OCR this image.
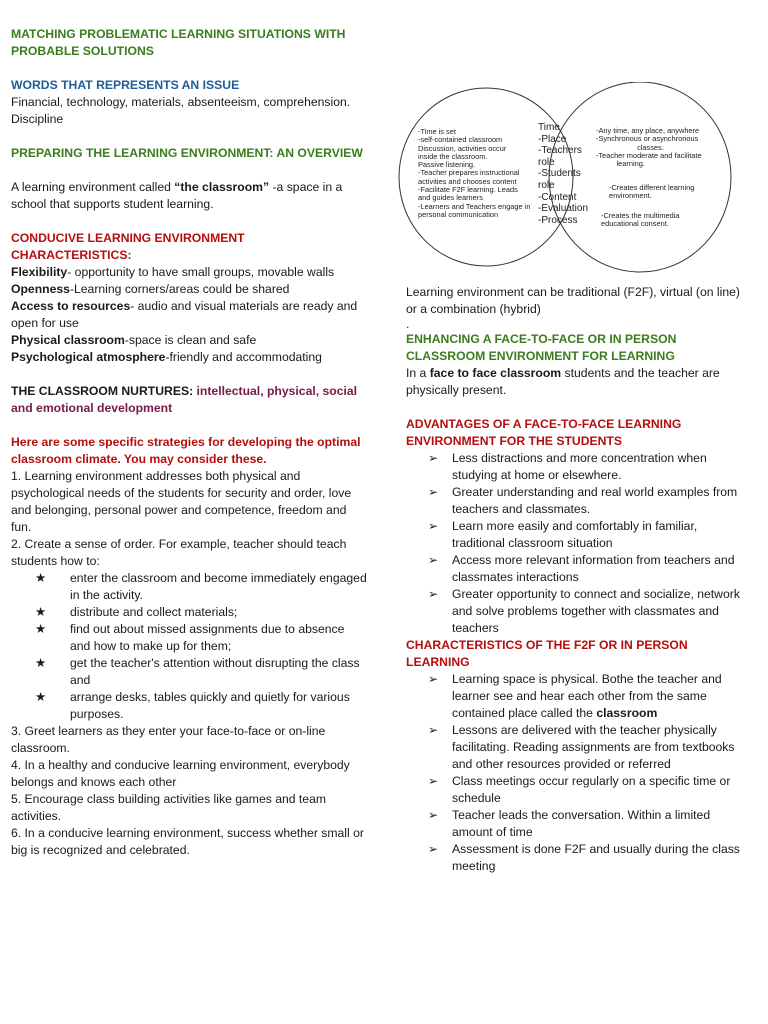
MATCHING PROBLEMATIC LEARNING SITUATIONS WITH PROBABLE SOLUTIONS

WORDS THAT REPRESENTS AN ISSUE

Financial, technology, materials, absenteeism, comprehension. Discipline

PREPARING THE LEARNING ENVIRONMENT: AN OVERVIEW

A learning environment called “the classroom” -a space in a school that supports student learning.

CONDUCIVE LEARNING ENVIRONMENT CHARACTERISTICS:

Flexibility- opportunity to have small groups, movable walls

Openness-Learning corners/areas could be shared

Access to resources- audio and visual materials are ready and open for use

Physical classroom-space is clean and safe

Psychological atmosphere-friendly and accommodating

THE CLASSROOM NURTURES: intellectual, physical, social and emotional development

Here are some specific strategies for developing the optimal classroom climate. You may consider these.

1. Learning environment addresses both physical and psychological needs of the students for security and order, love and belonging, personal power and competence, freedom and fun.

2. Create a sense of order. For example, teacher should teach students how to:

★ enter the classroom and become immediately engaged in the activity.
★ distribute and collect materials;
★ find out about missed assignments due to absence and how to make up for them;
★ get the teacher's attention without disrupting the class and
★ arrange desks, tables quickly and quietly for various purposes.

3. Greet learners as they enter your face-to-face or on-line classroom.

4. In a healthy and conducive learning environment, everybody belongs and knows each other

5. Encourage class building activities like games and team activities.

6. In a conducive learning environment, success whether small or big is recognized and celebrated.

-Time is set
-self-contained classroom
Discussion, activities occur
inside the classroom.
Passive listening.
-Teacher prepares instructional
activities and chooses content
-Facilitate F2F learning. Leads
and guides learners
-Learners and Teachers engage in
personal communication
Time
-Place
-Teachers
role
-Students
role
-Content
-Evaluation
-Process
-Any time, any place, anywhere
-Synchronous or asynchronous
classes.
-Teacher moderate and facilitate
learning.
-Creates different learning
environment.
-Creates the multimedia
educational consent.

Learning environment can be traditional (F2F), virtual (on line) or a combination (hybrid)

.

ENHANCING A FACE-TO-FACE OR IN PERSON CLASSROOM ENVIRONMENT FOR LEARNING

In a face to face classroom students and the teacher are physically present.

ADVANTAGES OF A FACE-TO-FACE LEARNING ENVIRONMENT FOR THE STUDENTS

➢ Less distractions and more concentration when studying at home or elsewhere.
➢ Greater understanding and real world examples from teachers and classmates.
➢ Learn more easily and comfortably in familiar, traditional classroom situation
➢ Access more relevant information from teachers and classmates interactions
➢ Greater opportunity to connect and socialize, network and solve problems together with classmates and teachers

CHARACTERISTICS OF THE F2F OR IN PERSON LEARNING

➢ Learning space is physical. Bothe the teacher and learner see and hear each other from the same contained place called the classroom
➢ Lessons are delivered with the teacher physically facilitating. Reading assignments are from textbooks and other resources provided or referred
➢ Class meetings occur regularly on a specific time or schedule
➢ Teacher leads the conversation. Within a limited amount of time
➢ Assessment is done F2F and usually during the class meeting
